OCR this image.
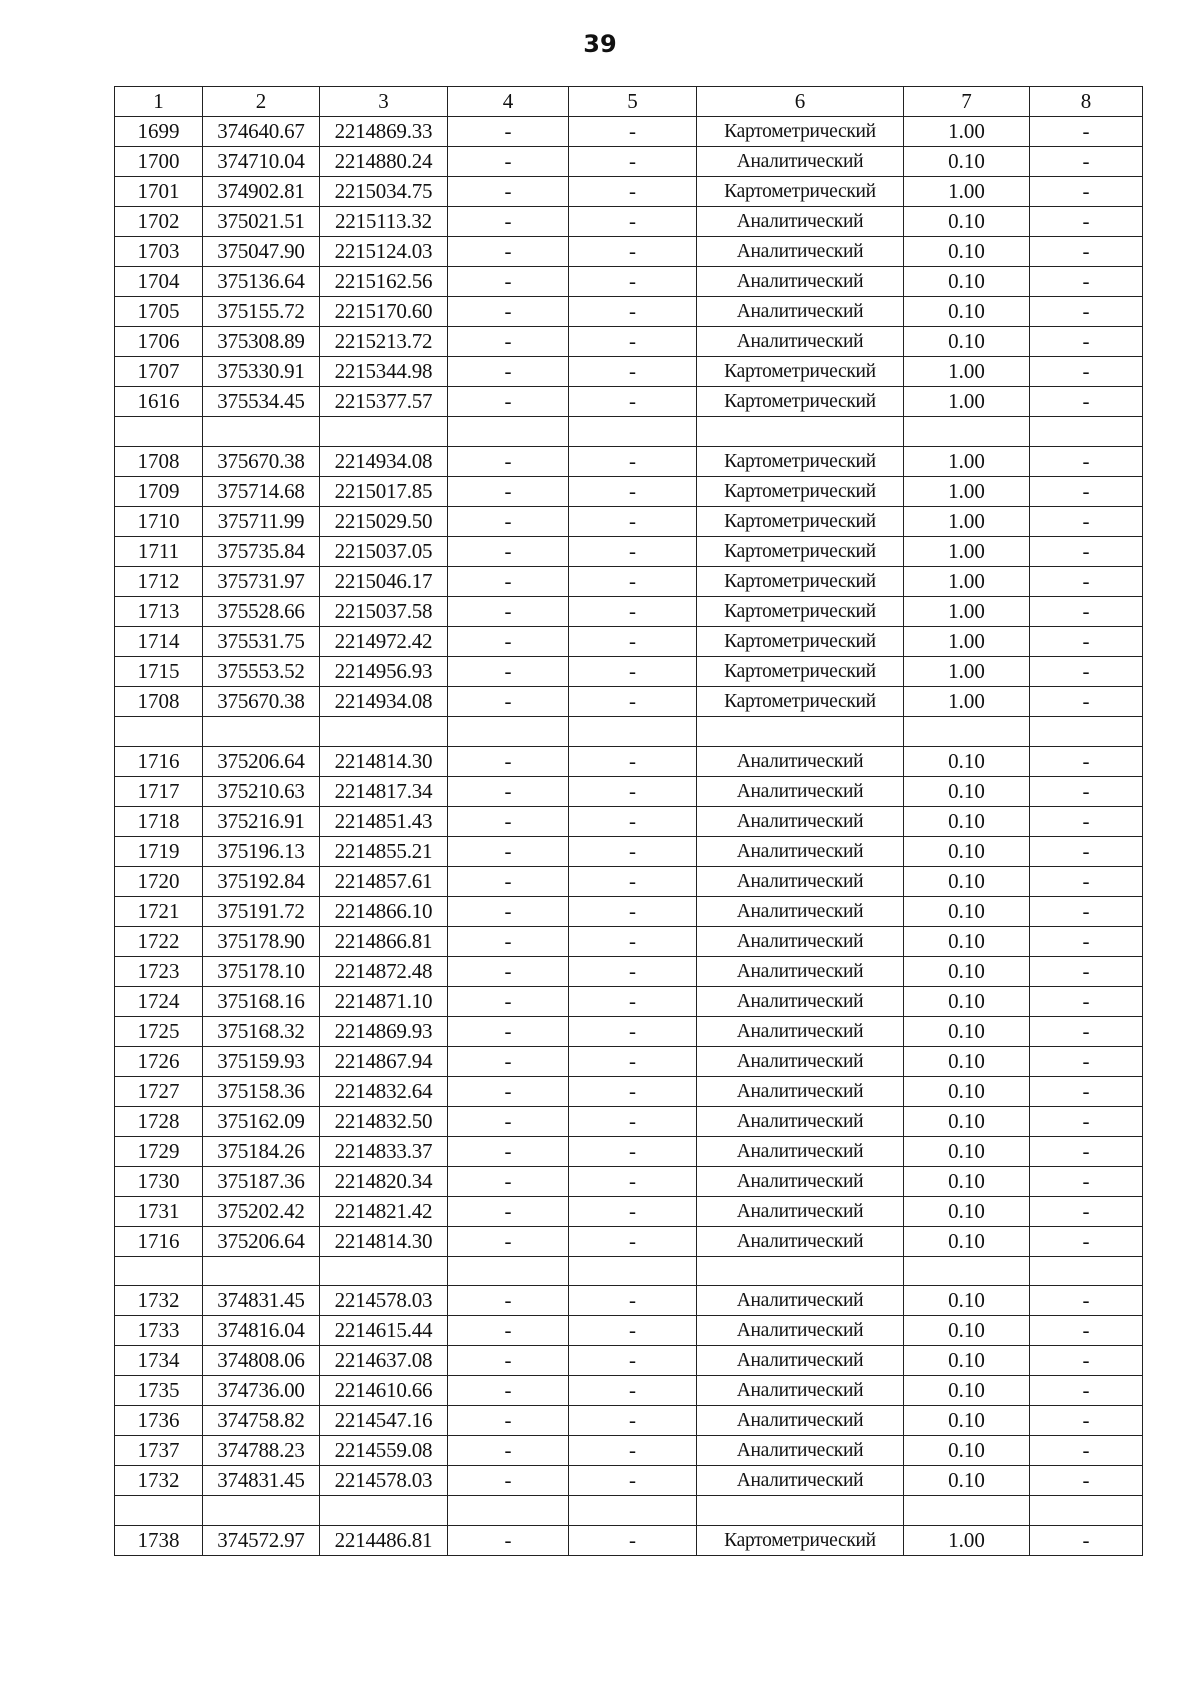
39
1	2	3	4	5	6	7	8
1699	374640.67	2214869.33	-	-	Картометрический	1.00	-
1700	374710.04	2214880.24	-	-	Аналитический	0.10	-
1701	374902.81	2215034.75	-	-	Картометрический	1.00	-
1702	375021.51	2215113.32	-	-	Аналитический	0.10	-
1703	375047.90	2215124.03	-	-	Аналитический	0.10	-
1704	375136.64	2215162.56	-	-	Аналитический	0.10	-
1705	375155.72	2215170.60	-	-	Аналитический	0.10	-
1706	375308.89	2215213.72	-	-	Аналитический	0.10	-
1707	375330.91	2215344.98	-	-	Картометрический	1.00	-
1616	375534.45	2215377.57	-	-	Картометрический	1.00	-

1708	375670.38	2214934.08	-	-	Картометрический	1.00	-
1709	375714.68	2215017.85	-	-	Картометрический	1.00	-
1710	375711.99	2215029.50	-	-	Картометрический	1.00	-
1711	375735.84	2215037.05	-	-	Картометрический	1.00	-
1712	375731.97	2215046.17	-	-	Картометрический	1.00	-
1713	375528.66	2215037.58	-	-	Картометрический	1.00	-
1714	375531.75	2214972.42	-	-	Картометрический	1.00	-
1715	375553.52	2214956.93	-	-	Картометрический	1.00	-
1708	375670.38	2214934.08	-	-	Картометрический	1.00	-

1716	375206.64	2214814.30	-	-	Аналитический	0.10	-
1717	375210.63	2214817.34	-	-	Аналитический	0.10	-
1718	375216.91	2214851.43	-	-	Аналитический	0.10	-
1719	375196.13	2214855.21	-	-	Аналитический	0.10	-
1720	375192.84	2214857.61	-	-	Аналитический	0.10	-
1721	375191.72	2214866.10	-	-	Аналитический	0.10	-
1722	375178.90	2214866.81	-	-	Аналитический	0.10	-
1723	375178.10	2214872.48	-	-	Аналитический	0.10	-
1724	375168.16	2214871.10	-	-	Аналитический	0.10	-
1725	375168.32	2214869.93	-	-	Аналитический	0.10	-
1726	375159.93	2214867.94	-	-	Аналитический	0.10	-
1727	375158.36	2214832.64	-	-	Аналитический	0.10	-
1728	375162.09	2214832.50	-	-	Аналитический	0.10	-
1729	375184.26	2214833.37	-	-	Аналитический	0.10	-
1730	375187.36	2214820.34	-	-	Аналитический	0.10	-
1731	375202.42	2214821.42	-	-	Аналитический	0.10	-
1716	375206.64	2214814.30	-	-	Аналитический	0.10	-

1732	374831.45	2214578.03	-	-	Аналитический	0.10	-
1733	374816.04	2214615.44	-	-	Аналитический	0.10	-
1734	374808.06	2214637.08	-	-	Аналитический	0.10	-
1735	374736.00	2214610.66	-	-	Аналитический	0.10	-
1736	374758.82	2214547.16	-	-	Аналитический	0.10	-
1737	374788.23	2214559.08	-	-	Аналитический	0.10	-
1732	374831.45	2214578.03	-	-	Аналитический	0.10	-

1738	374572.97	2214486.81	-	-	Картометрический	1.00	-
